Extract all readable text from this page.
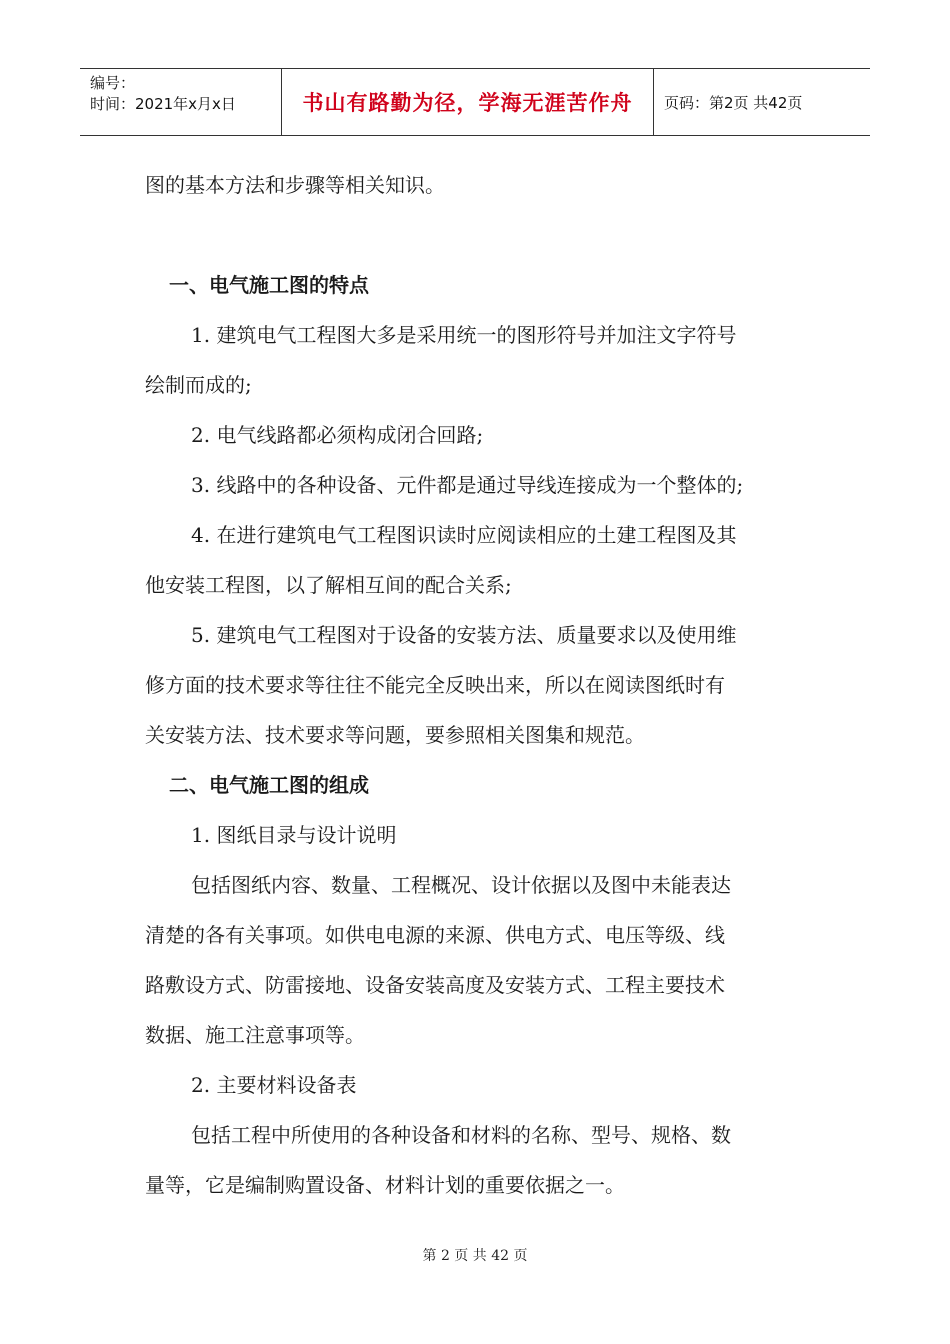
编号：
时间：2021年x月x日	书山有路勤为径，学海无涯苦作舟	页码：第2页 共42页

图的基本方法和步骤等相关知识。

一、电气施工图的特点

1. 建筑电气工程图大多是采用统一的图形符号并加注文字符号

绘制而成的;

2. 电气线路都必须构成闭合回路;

3. 线路中的各种设备、元件都是通过导线连接成为一个整体的;

4. 在进行建筑电气工程图识读时应阅读相应的土建工程图及其

他安装工程图，以了解相互间的配合关系;

5. 建筑电气工程图对于设备的安装方法、质量要求以及使用维

修方面的技术要求等往往不能完全反映出来，所以在阅读图纸时有

关安装方法、技术要求等问题，要参照相关图集和规范。

二、电气施工图的组成

1. 图纸目录与设计说明

包括图纸内容、数量、工程概况、设计依据以及图中未能表达

清楚的各有关事项。如供电电源的来源、供电方式、电压等级、线

路敷设方式、防雷接地、设备安装高度及安装方式、工程主要技术

数据、施工注意事项等。

2. 主要材料设备表

包括工程中所使用的各种设备和材料的名称、型号、规格、数

量等，它是编制购置设备、材料计划的重要依据之一。

第 2 页 共 42 页
